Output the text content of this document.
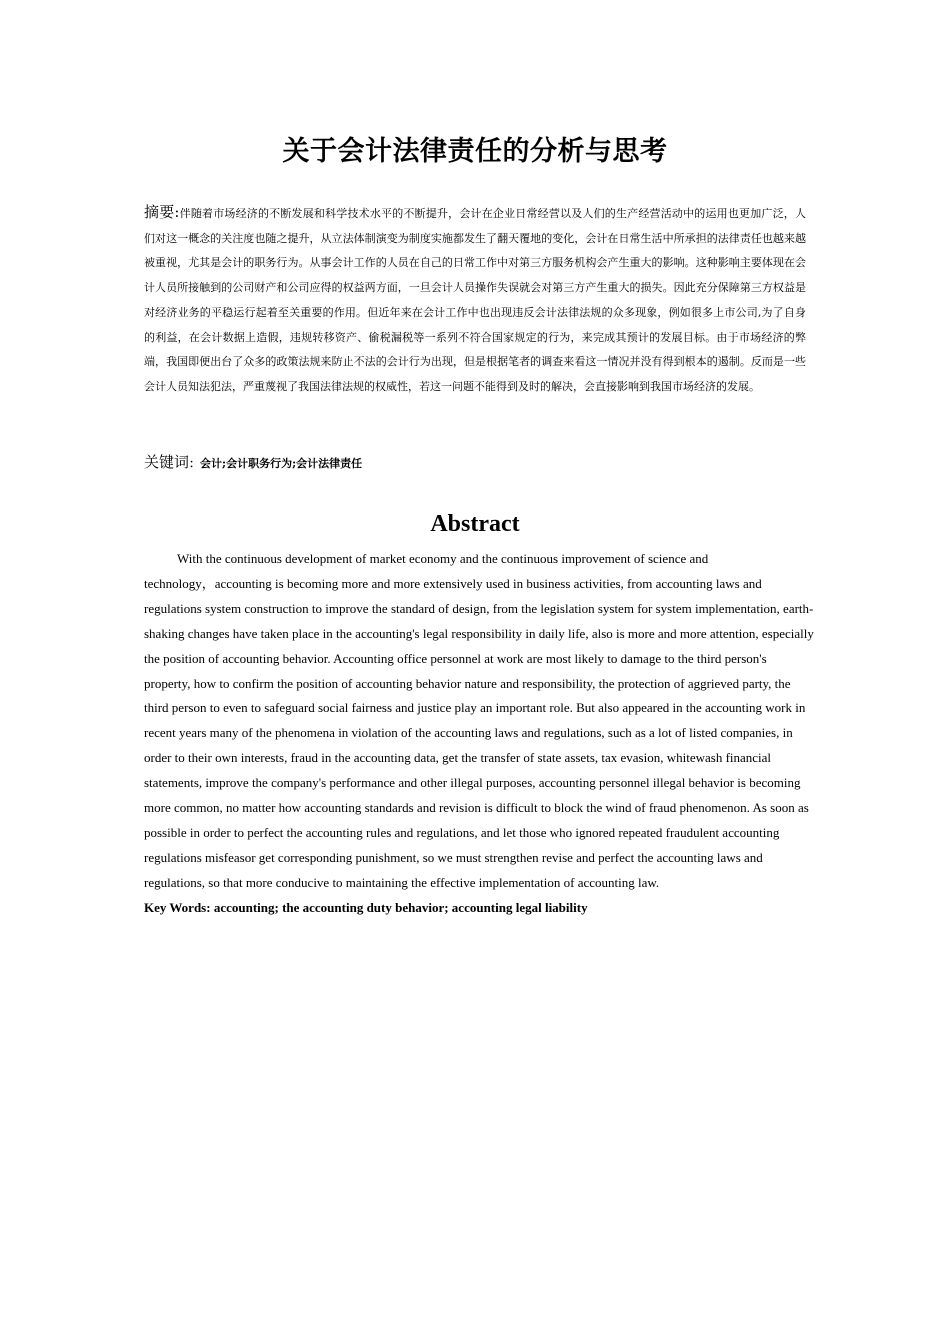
关于会计法律责任的分析与思考
摘要:伴随着市场经济的不断发展和科学技术水平的不断提升，会计在企业日常经营以及人们的生产经营活动中的运用也更加广泛，人们对这一概念的关注度也随之提升，从立法体制演变为制度实施都发生了翻天覆地的变化，会计在日常生活中所承担的法律责任也越来越被重视，尤其是会计的职务行为。从事会计工作的人员在自己的日常工作中对第三方服务机构会产生重大的影响。这种影响主要体现在会计人员所接触到的公司财产和公司应得的权益两方面，一旦会计人员操作失误就会对第三方产生重大的损失。因此充分保障第三方权益是对经济业务的平稳运行起着至关重要的作用。但近年来在会计工作中也出现违反会计法律法规的众多现象，例如很多上市公司,为了自身的利益，在会计数据上造假，违规转移资产、偷税漏税等一系列不符合国家规定的行为，来完成其预计的发展目标。由于市场经济的弊端，我国即便出台了众多的政策法规来防止不法的会计行为出现，但是根据笔者的调查来看这一情况并没有得到根本的遏制。反而是一些会计人员知法犯法，严重蔑视了我国法律法规的权威性，若这一问题不能得到及时的解决，会直接影响到我国市场经济的发展。
关键词：会计;会计职务行为;会计法律责任
Abstract
With the continuous development of market economy and the continuous improvement of science and
technology，accounting is becoming more and more extensively used in business activities, from accounting laws and
regulations system construction to improve the standard of design, from the legislation system for system implementation, earth-
shaking changes have taken place in the accounting's legal responsibility in daily life, also is more and more attention, especially
the position of accounting behavior. Accounting office personnel at work are most likely to damage to the third person's
property, how to confirm the position of accounting behavior nature and responsibility, the protection of aggrieved party, the
third person to even to safeguard social fairness and justice play an important role. But also appeared in the accounting work in
recent years many of the phenomena in violation of the accounting laws and regulations, such as a lot of listed companies, in
order to their own interests, fraud in the accounting data, get the transfer of state assets, tax evasion, whitewash financial
statements, improve the company's performance and other illegal purposes, accounting personnel illegal behavior is becoming
more common, no matter how accounting standards and revision is difficult to block the wind of fraud phenomenon. As soon as
possible in order to perfect the accounting rules and regulations, and let those who ignored repeated fraudulent accounting
regulations misfeasor get corresponding punishment, so we must strengthen revise and perfect the accounting laws and
regulations, so that more conducive to maintaining the effective implementation of accounting law.
Key Words: accounting; the accounting duty behavior; accounting legal liability
